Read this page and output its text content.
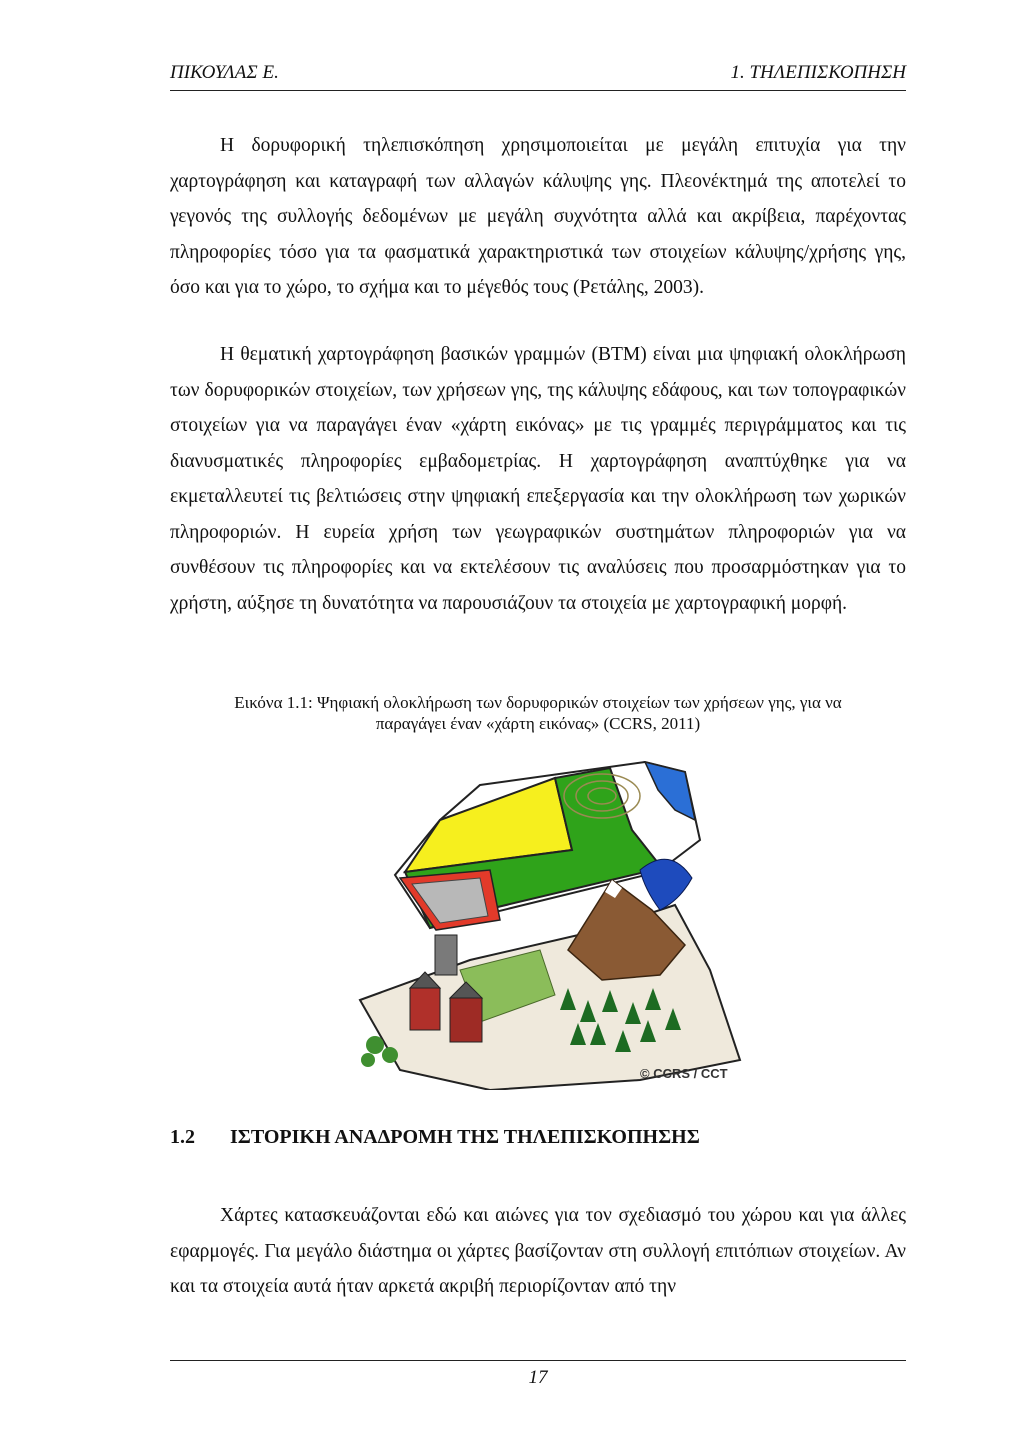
ΠΙΚΟΥΛΑΣ Ε.	1. ΤΗΛΕΠΙΣΚΟΠΗΣΗ

Η δορυφορική τηλεπισκόπηση χρησιμοποιείται με μεγάλη επιτυχία για την χαρτογράφηση και καταγραφή των αλλαγών κάλυψης γης. Πλεονέκτημά της αποτελεί το γεγονός της συλλογής δεδομένων με μεγάλη συχνότητα αλλά και ακρίβεια, παρέχοντας πληροφορίες τόσο για τα φασματικά χαρακτηριστικά των στοιχείων κάλυψης/χρήσης γης, όσο και για το χώρο, το σχήμα και το μέγεθός τους (Ρετάλης, 2003).

Η θεματική χαρτογράφηση βασικών γραμμών (BTM) είναι μια ψηφιακή ολοκλήρωση των δορυφορικών στοιχείων, των χρήσεων γης, της κάλυψης εδάφους, και των τοπογραφικών στοιχείων για να παραγάγει έναν «χάρτη εικόνας» με τις γραμμές περιγράμματος και τις διανυσματικές πληροφορίες εμβαδομετρίας. Η χαρτογράφηση αναπτύχθηκε για να εκμεταλλευτεί τις βελτιώσεις στην ψηφιακή επεξεργασία και την ολοκλήρωση των χωρικών πληροφοριών. Η ευρεία χρήση των γεωγραφικών συστημάτων πληροφοριών για να συνθέσουν τις πληροφορίες και να εκτελέσουν τις αναλύσεις που προσαρμόστηκαν για το χρήστη, αύξησε τη δυνατότητα να παρουσιάζουν τα στοιχεία με χαρτογραφική μορφή.

Εικόνα 1.1: Ψηφιακή ολοκλήρωση των δορυφορικών στοιχείων των χρήσεων γης, για να
παραγάγει έναν «χάρτη εικόνας» (CCRS, 2011)
© CCRS / CCT
1.2 ΙΣΤΟΡΙΚΗ ΑΝΑΔΡΟΜΗ ΤΗΣ ΤΗΛΕΠΙΣΚΟΠΗΣΗΣ

Χάρτες κατασκευάζονται εδώ και αιώνες για τον σχεδιασμό του χώρου και για άλλες εφαρμογές. Για μεγάλο διάστημα οι χάρτες βασίζονταν στη συλλογή επιτόπιων στοιχείων. Αν και τα στοιχεία αυτά ήταν αρκετά ακριβή περιορίζονταν από την

17
